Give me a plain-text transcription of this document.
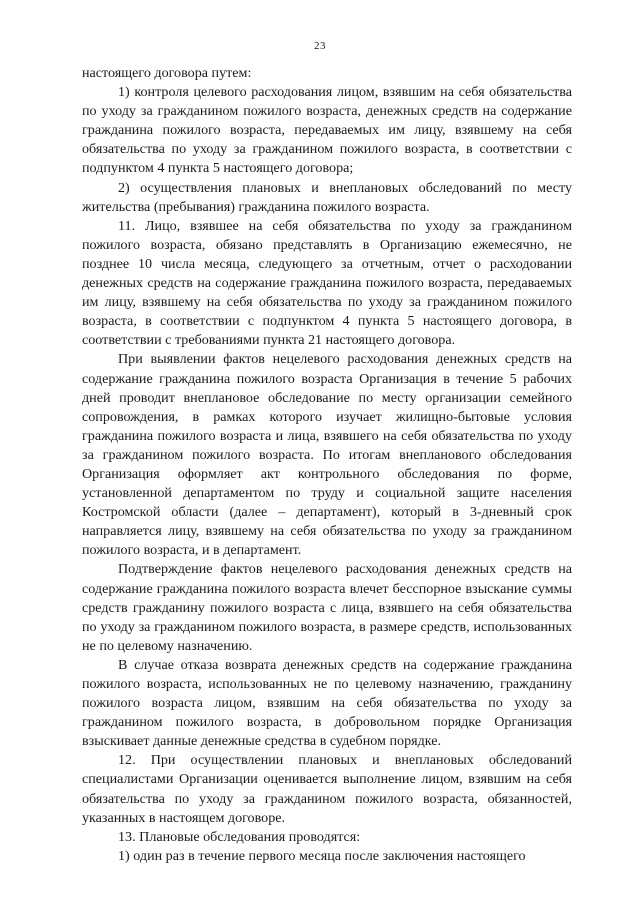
23

настоящего договора путем:

1) контроля целевого расходования лицом, взявшим на себя обязательства по уходу за гражданином пожилого возраста, денежных средств на содержание гражданина пожилого возраста, передаваемых им лицу, взявшему на себя обязательства по уходу за гражданином пожилого возраста, в соответствии с подпунктом 4 пункта 5 настоящего договора;

2) осуществления плановых и внеплановых обследований по месту жительства (пребывания) гражданина пожилого возраста.

11. Лицо, взявшее на себя обязательства по уходу за гражданином пожилого возраста, обязано представлять в Организацию ежемесячно, не позднее 10 числа месяца, следующего за отчетным, отчет о расходовании денежных средств на содержание гражданина пожилого возраста, передаваемых им лицу, взявшему на себя обязательства по уходу за гражданином пожилого возраста, в соответствии с подпунктом 4 пункта 5 настоящего договора, в соответствии с требованиями пункта 21 настоящего договора.

При выявлении фактов нецелевого расходования денежных средств на содержание гражданина пожилого возраста Организация в течение 5 рабочих дней проводит внеплановое обследование по месту организации семейного сопровождения, в рамках которого изучает жилищно-бытовые условия гражданина пожилого возраста и лица, взявшего на себя обязательства по уходу за гражданином пожилого возраста. По итогам внепланового обследования Организация оформляет акт контрольного обследования по форме, установленной департаментом по труду и социальной защите населения Костромской области (далее – департамент), который в 3-дневный срок направляется лицу, взявшему на себя обязательства по уходу за гражданином пожилого возраста, и в департамент.

Подтверждение фактов нецелевого расходования денежных средств на содержание гражданина пожилого возраста влечет бесспорное взыскание суммы средств гражданину пожилого возраста с лица, взявшего на себя обязательства по уходу за гражданином пожилого возраста, в размере средств, использованных не по целевому назначению.

В случае отказа возврата денежных средств на содержание гражданина пожилого возраста, использованных не по целевому назначению, гражданину пожилого возраста лицом, взявшим на себя обязательства по уходу за гражданином пожилого возраста, в добровольном порядке Организация взыскивает данные денежные средства в судебном порядке.

12. При осуществлении плановых и внеплановых обследований специалистами Организации оценивается выполнение лицом, взявшим на себя обязательства по уходу за гражданином пожилого возраста, обязанностей, указанных в настоящем договоре.

13. Плановые обследования проводятся:

1) один раз в течение первого месяца после заключения настоящего
